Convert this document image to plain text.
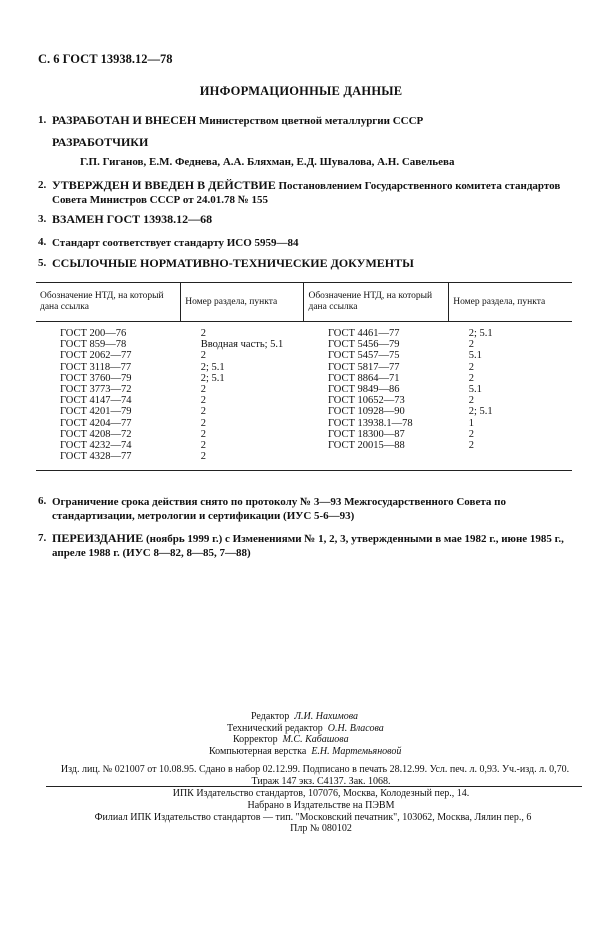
С. 6 ГОСТ 13938.12—78
ИНФОРМАЦИОННЫЕ ДАННЫЕ
1. РАЗРАБОТАН И ВНЕСЕН Министерством цветной металлургии СССР
РАЗРАБОТЧИКИ
Г.П. Гиганов, Е.М. Феднева, А.А. Бляхман, Е.Д. Шувалова, А.Н. Савельева
2. УТВЕРЖДЕН И ВВЕДЕН В ДЕЙСТВИЕ Постановлением Государственного комитета стандартов Совета Министров СССР от 24.01.78 № 155
3. ВЗАМЕН ГОСТ 13938.12—68
4. Стандарт соответствует стандарту ИСО 5959—84
5. ССЫЛОЧНЫЕ НОРМАТИВНО-ТЕХНИЧЕСКИЕ ДОКУМЕНТЫ
Обозначение НТД, на который дана ссылка	Номер раздела, пункта	Обозначение НТД, на который дана ссылка	Номер раздела, пункта
ГОСТ 200—76	2	ГОСТ 4461—77	2; 5.1
ГОСТ 859—78	Вводная часть; 5.1	ГОСТ 5456—79	2
ГОСТ 2062—77	2	ГОСТ 5457—75	5.1
ГОСТ 3118—77	2; 5.1	ГОСТ 5817—77	2
ГОСТ 3760—79	2; 5.1	ГОСТ 8864—71	2
ГОСТ 3773—72	2	ГОСТ 9849—86	5.1
ГОСТ 4147—74	2	ГОСТ 10652—73	2
ГОСТ 4201—79	2	ГОСТ 10928—90	2; 5.1
ГОСТ 4204—77	2	ГОСТ 13938.1—78	1
ГОСТ 4208—72	2	ГОСТ 18300—87	2
ГОСТ 4232—74	2	ГОСТ 20015—88	2
ГОСТ 4328—77	2		
6. Ограничение срока действия снято по протоколу № 3—93 Межгосударственного Совета по стандартизации, метрологии и сертификации (ИУС 5-6—93)
7. ПЕРЕИЗДАНИЕ (ноябрь 1999 г.) с Изменениями № 1, 2, 3, утвержденными в мае 1982 г., июне 1985 г., апреле 1988 г. (ИУС 8—82, 8—85, 7—88)
Редактор Л.И. Нахимова
Технический редактор О.Н. Власова
Корректор М.С. Кабашова
Компьютерная верстка Е.Н. Мартемьяновой
Изд. лиц. № 021007 от 10.08.95. Сдано в набор 02.12.99. Подписано в печать 28.12.99. Усл. печ. л. 0,93. Уч.-изд. л. 0,70.
Тираж 147 экз. С4137. Зак. 1068.
ИПК Издательство стандартов, 107076, Москва, Колодезный пер., 14.
Набрано в Издательстве на ПЭВМ
Филиал ИПК Издательство стандартов — тип. "Московский печатник", 103062, Москва, Лялин пер., 6
Плр № 080102
